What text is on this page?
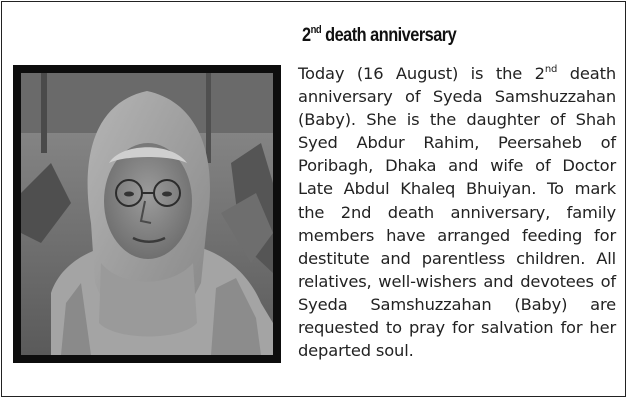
2nd death anniversary
Today (16 August) is the 2nd death
anniversary of Syeda Samshuzzahan
(Baby). She is the daughter of Shah
Syed Abdur Rahim, Peersaheb of
Poribagh, Dhaka and wife of Doctor
Late Abdul Khaleq Bhuiyan. To mark
the 2nd death anniversary, family
members have arranged feeding for
destitute and parentless children. All
relatives, well-wishers and devotees of
Syeda Samshuzzahan (Baby) are
requested to pray for salvation for her
departed soul.
